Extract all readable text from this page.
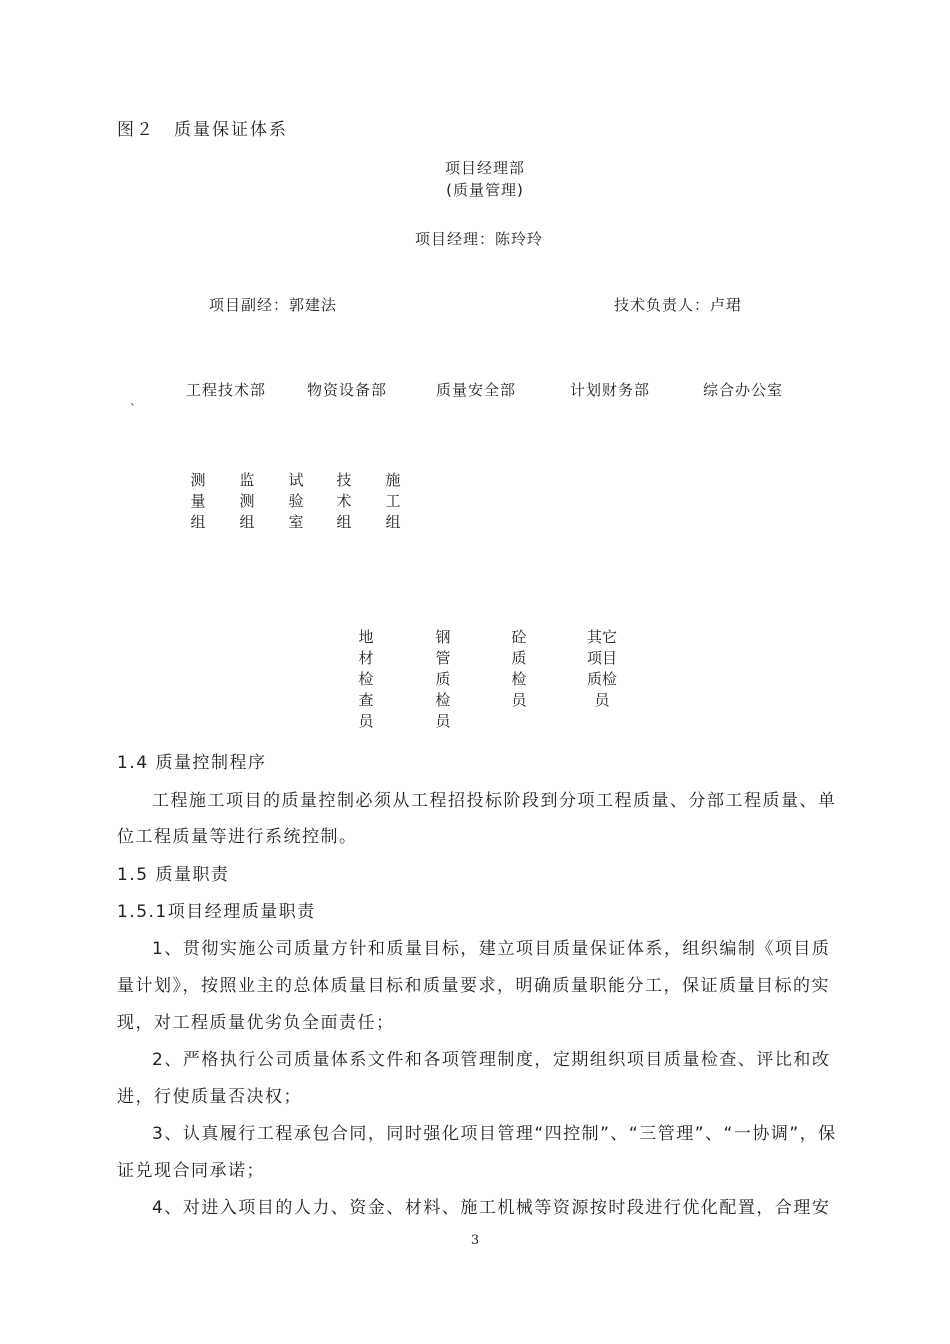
图２　质量保证体系
项目经理部
(质量管理)
项目经理：陈玲玲
项目副经：郭建法	技术负责人：卢珺
工程技术部	物资设备部	质量安全部	计划财务部	综合办公室
`
测
量
组
监
测
组
试
验
室
技
术
组
施
工
组
地
材
检
查
员
钢
管
质
检
员
砼
质
检
员
其它
项目
质检
员
1.4 质量控制程序
工程施工项目的质量控制必须从工程招投标阶段到分项工程质量、分部工程质量、单
位工程质量等进行系统控制。
1.5 质量职责
1.5.1项目经理质量职责
1、贯彻实施公司质量方针和质量目标，建立项目质量保证体系，组织编制《项目质
量计划》，按照业主的总体质量目标和质量要求，明确质量职能分工，保证质量目标的实
现，对工程质量优劣负全面责任；
2、严格执行公司质量体系文件和各项管理制度，定期组织项目质量检查、评比和改
进，行使质量否决权；
3、认真履行工程承包合同，同时强化项目管理“四控制”、“三管理”、“一协调”，保
证兑现合同承诺；
4、对进入项目的人力、资金、材料、施工机械等资源按时段进行优化配置，合理安
3
